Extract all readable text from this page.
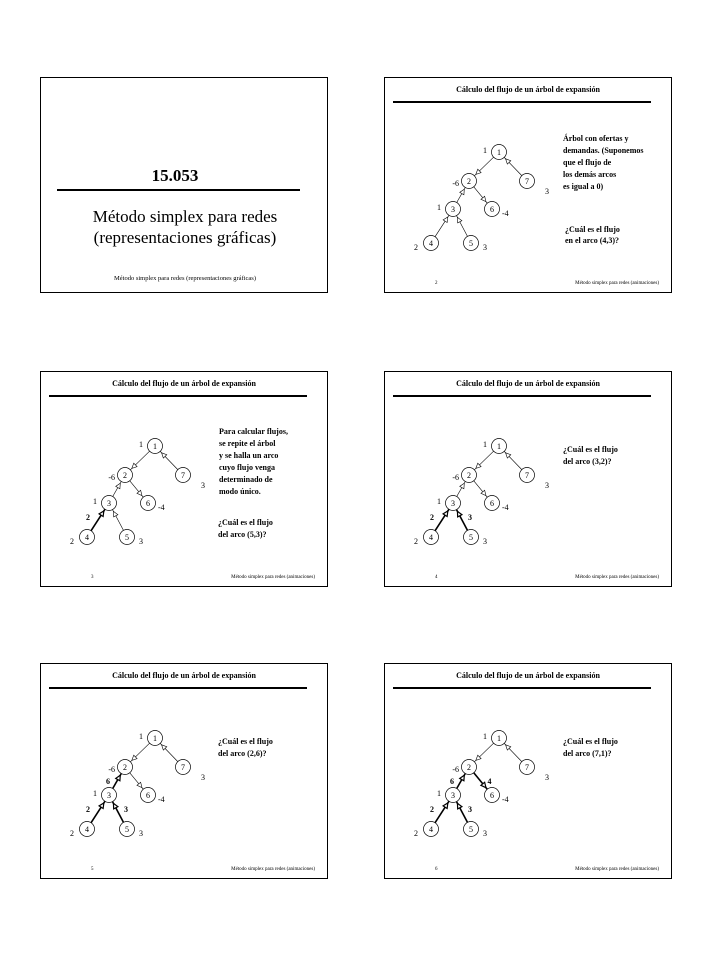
15.053
Método simplex para redes
(representaciones gráficas)
Método simplex para redes (representaciones gráficas)
Cálculo del flujo de un árbol de expansión
1
1
2
-6	7
3
3
1	6 -4
4
2	5 3
Árbol con ofertas y
demandas. (Suponemos
que el flujo de
los demás arcos
es igual a 0)
¿Cuál es el flujo
en el arco (4,3)?
2	Método simplex para redes (animaciones)
Cálculo del flujo de un árbol de expansión
2
1
1
2
-6	7
3
3
1	6 -4
4
2	5 3
Para calcular flujos,
se repite el árbol
y se halla un arco
cuyo flujo venga
determinado de
modo único.
¿Cuál es el flujo
del arco (5,3)?
3	Método simplex para redes (animaciones)
Cálculo del flujo de un árbol de expansión
2	3
1
1
2
-6	7
3
3
1	6 -4
4
2	5 3
¿Cuál es el flujo
del arco (3,2)?
4	Método simplex para redes (animaciones)
Cálculo del flujo de un árbol de expansión
6
2	3
1
1
2
-6	7
3
3
1	6 -4
4
2	5 3
¿Cuál es el flujo
del arco (2,6)?
5	Método simplex para redes (animaciones)
Cálculo del flujo de un árbol de expansión
4
6
2	3
1
1
2
-6	7
3
3
1	6 -4
4
2	5 3
¿Cuál es el flujo
del arco (7,1)?
6	Método simplex para redes (animaciones)
